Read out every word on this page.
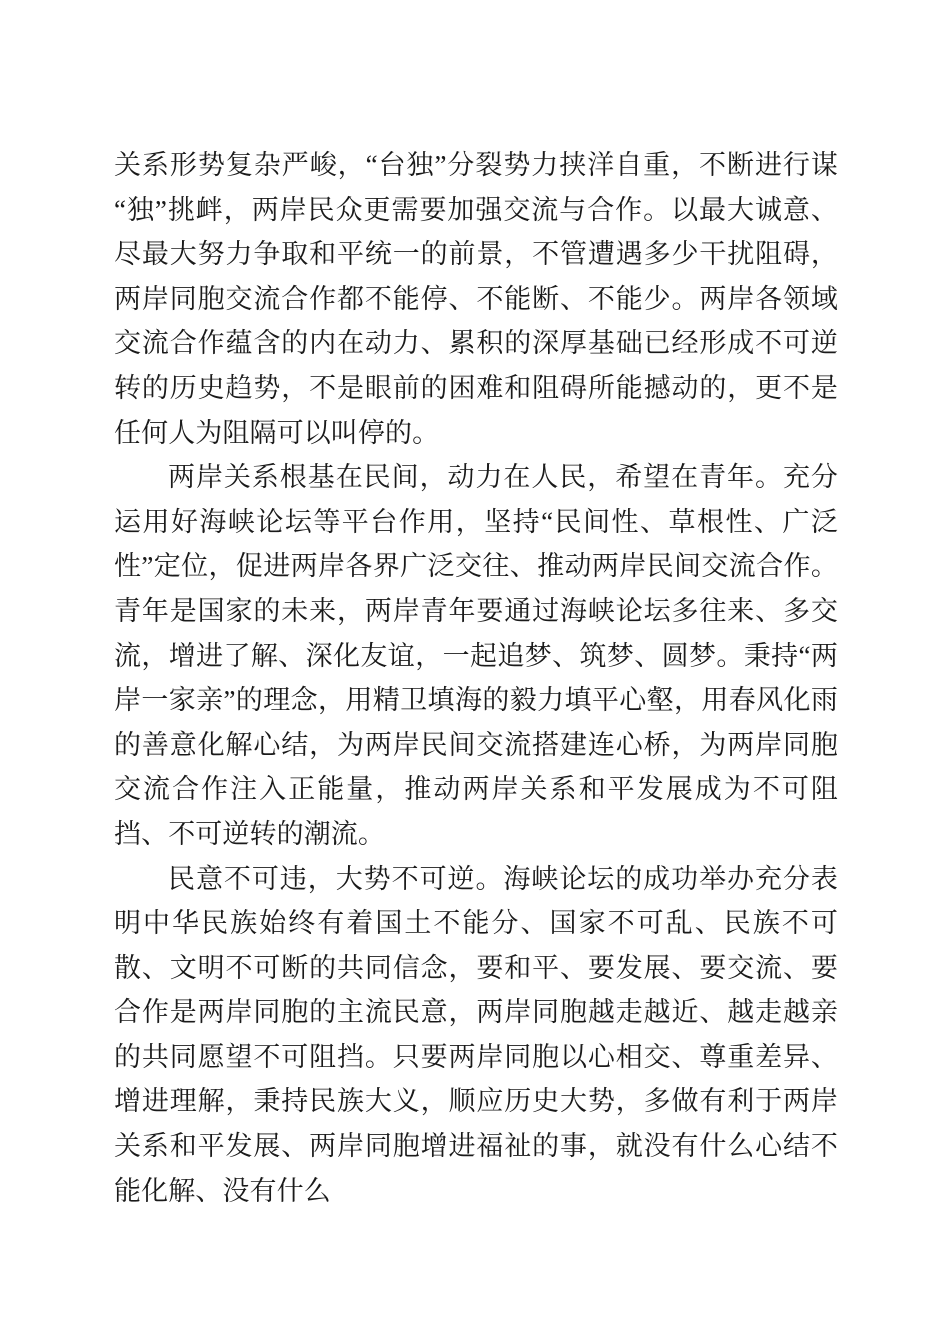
关系形势复杂严峻，“台独”分裂势力挟洋自重，不断进行谋“独”挑衅，两岸民众更需要加强交流与合作。以最大诚意、尽最大努力争取和平统一的前景，不管遭遇多少干扰阻碍，两岸同胞交流合作都不能停、不能断、不能少。两岸各领域交流合作蕴含的内在动力、累积的深厚基础已经形成不可逆转的历史趋势，不是眼前的困难和阻碍所能撼动的，更不是任何人为阻隔可以叫停的。

两岸关系根基在民间，动力在人民，希望在青年。充分运用好海峡论坛等平台作用，坚持“民间性、草根性、广泛性”定位，促进两岸各界广泛交往、推动两岸民间交流合作。青年是国家的未来，两岸青年要通过海峡论坛多往来、多交流，增进了解、深化友谊，一起追梦、筑梦、圆梦。秉持“两岸一家亲”的理念，用精卫填海的毅力填平心壑，用春风化雨的善意化解心结，为两岸民间交流搭建连心桥，为两岸同胞交流合作注入正能量，推动两岸关系和平发展成为不可阻挡、不可逆转的潮流。

民意不可违，大势不可逆。海峡论坛的成功举办充分表明中华民族始终有着国土不能分、国家不可乱、民族不可散、文明不可断的共同信念，要和平、要发展、要交流、要合作是两岸同胞的主流民意，两岸同胞越走越近、越走越亲的共同愿望不可阻挡。只要两岸同胞以心相交、尊重差异、增进理解，秉持民族大义，顺应历史大势，多做有利于两岸关系和平发展、两岸同胞增进福祉的事，就没有什么心结不能化解、没有什么
